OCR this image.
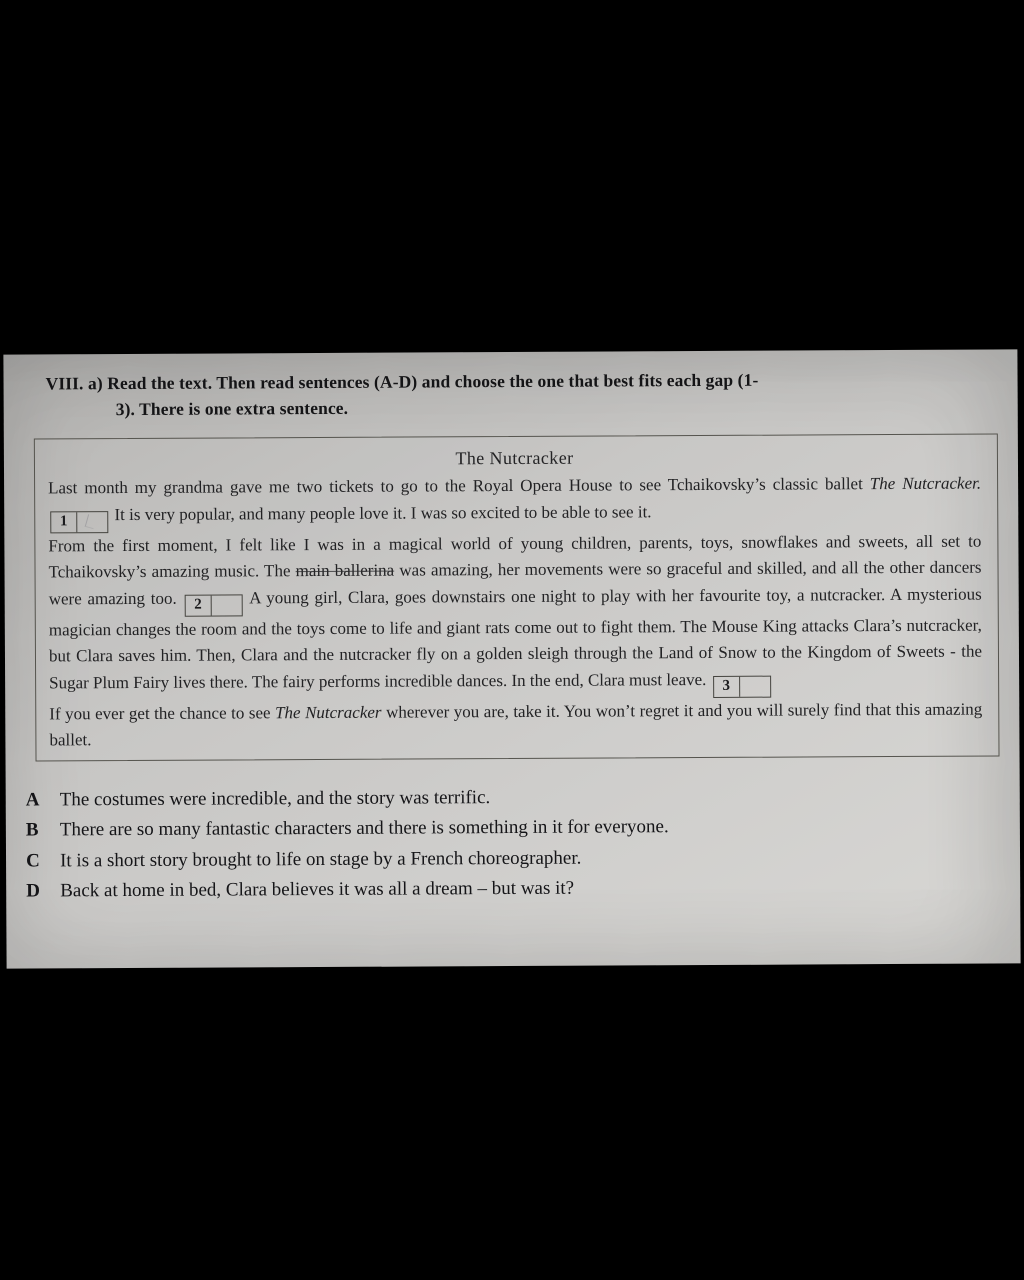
VIII. a) Read the text. Then read sentences (A-D) and choose the one that best fits each gap (1-
3). There is one extra sentence.
The Nutcracker

Last month my grandma gave me two tickets to go to the Royal Opera House to see Tchaikovsky’s classic ballet The Nutcracker.
1	It is very popular, and many people love it. I was so excited to be able to see it.

From the first moment, I felt like I was in a magical world of young children, parents, toys, snowflakes and sweets, all set to Tchaikovsky’s amazing music. The main ballerina was amazing, her movements were so graceful and skilled, and all the other dancers were amazing too.	2	A young girl, Clara, goes downstairs one night to play with her favourite toy, a nutcracker. A mysterious magician changes the room and the toys come to life and giant rats come out to fight them. The Mouse King attacks Clara’s nutcracker, but Clara saves him. Then, Clara and the nutcracker fly on a golden sleigh through the Land of Snow to the Kingdom of Sweets - the Sugar Plum Fairy lives there. The fairy performs incredible dances. In the end, Clara must leave.	3

If you ever get the chance to see The Nutcracker wherever you are, take it. You won’t regret it and you will surely find that this amazing ballet.

A The costumes were incredible, and the story was terrific.
B There are so many fantastic characters and there is something in it for everyone.
C It is a short story brought to life on stage by a French choreographer.
D Back at home in bed, Clara believes it was all a dream – but was it?
